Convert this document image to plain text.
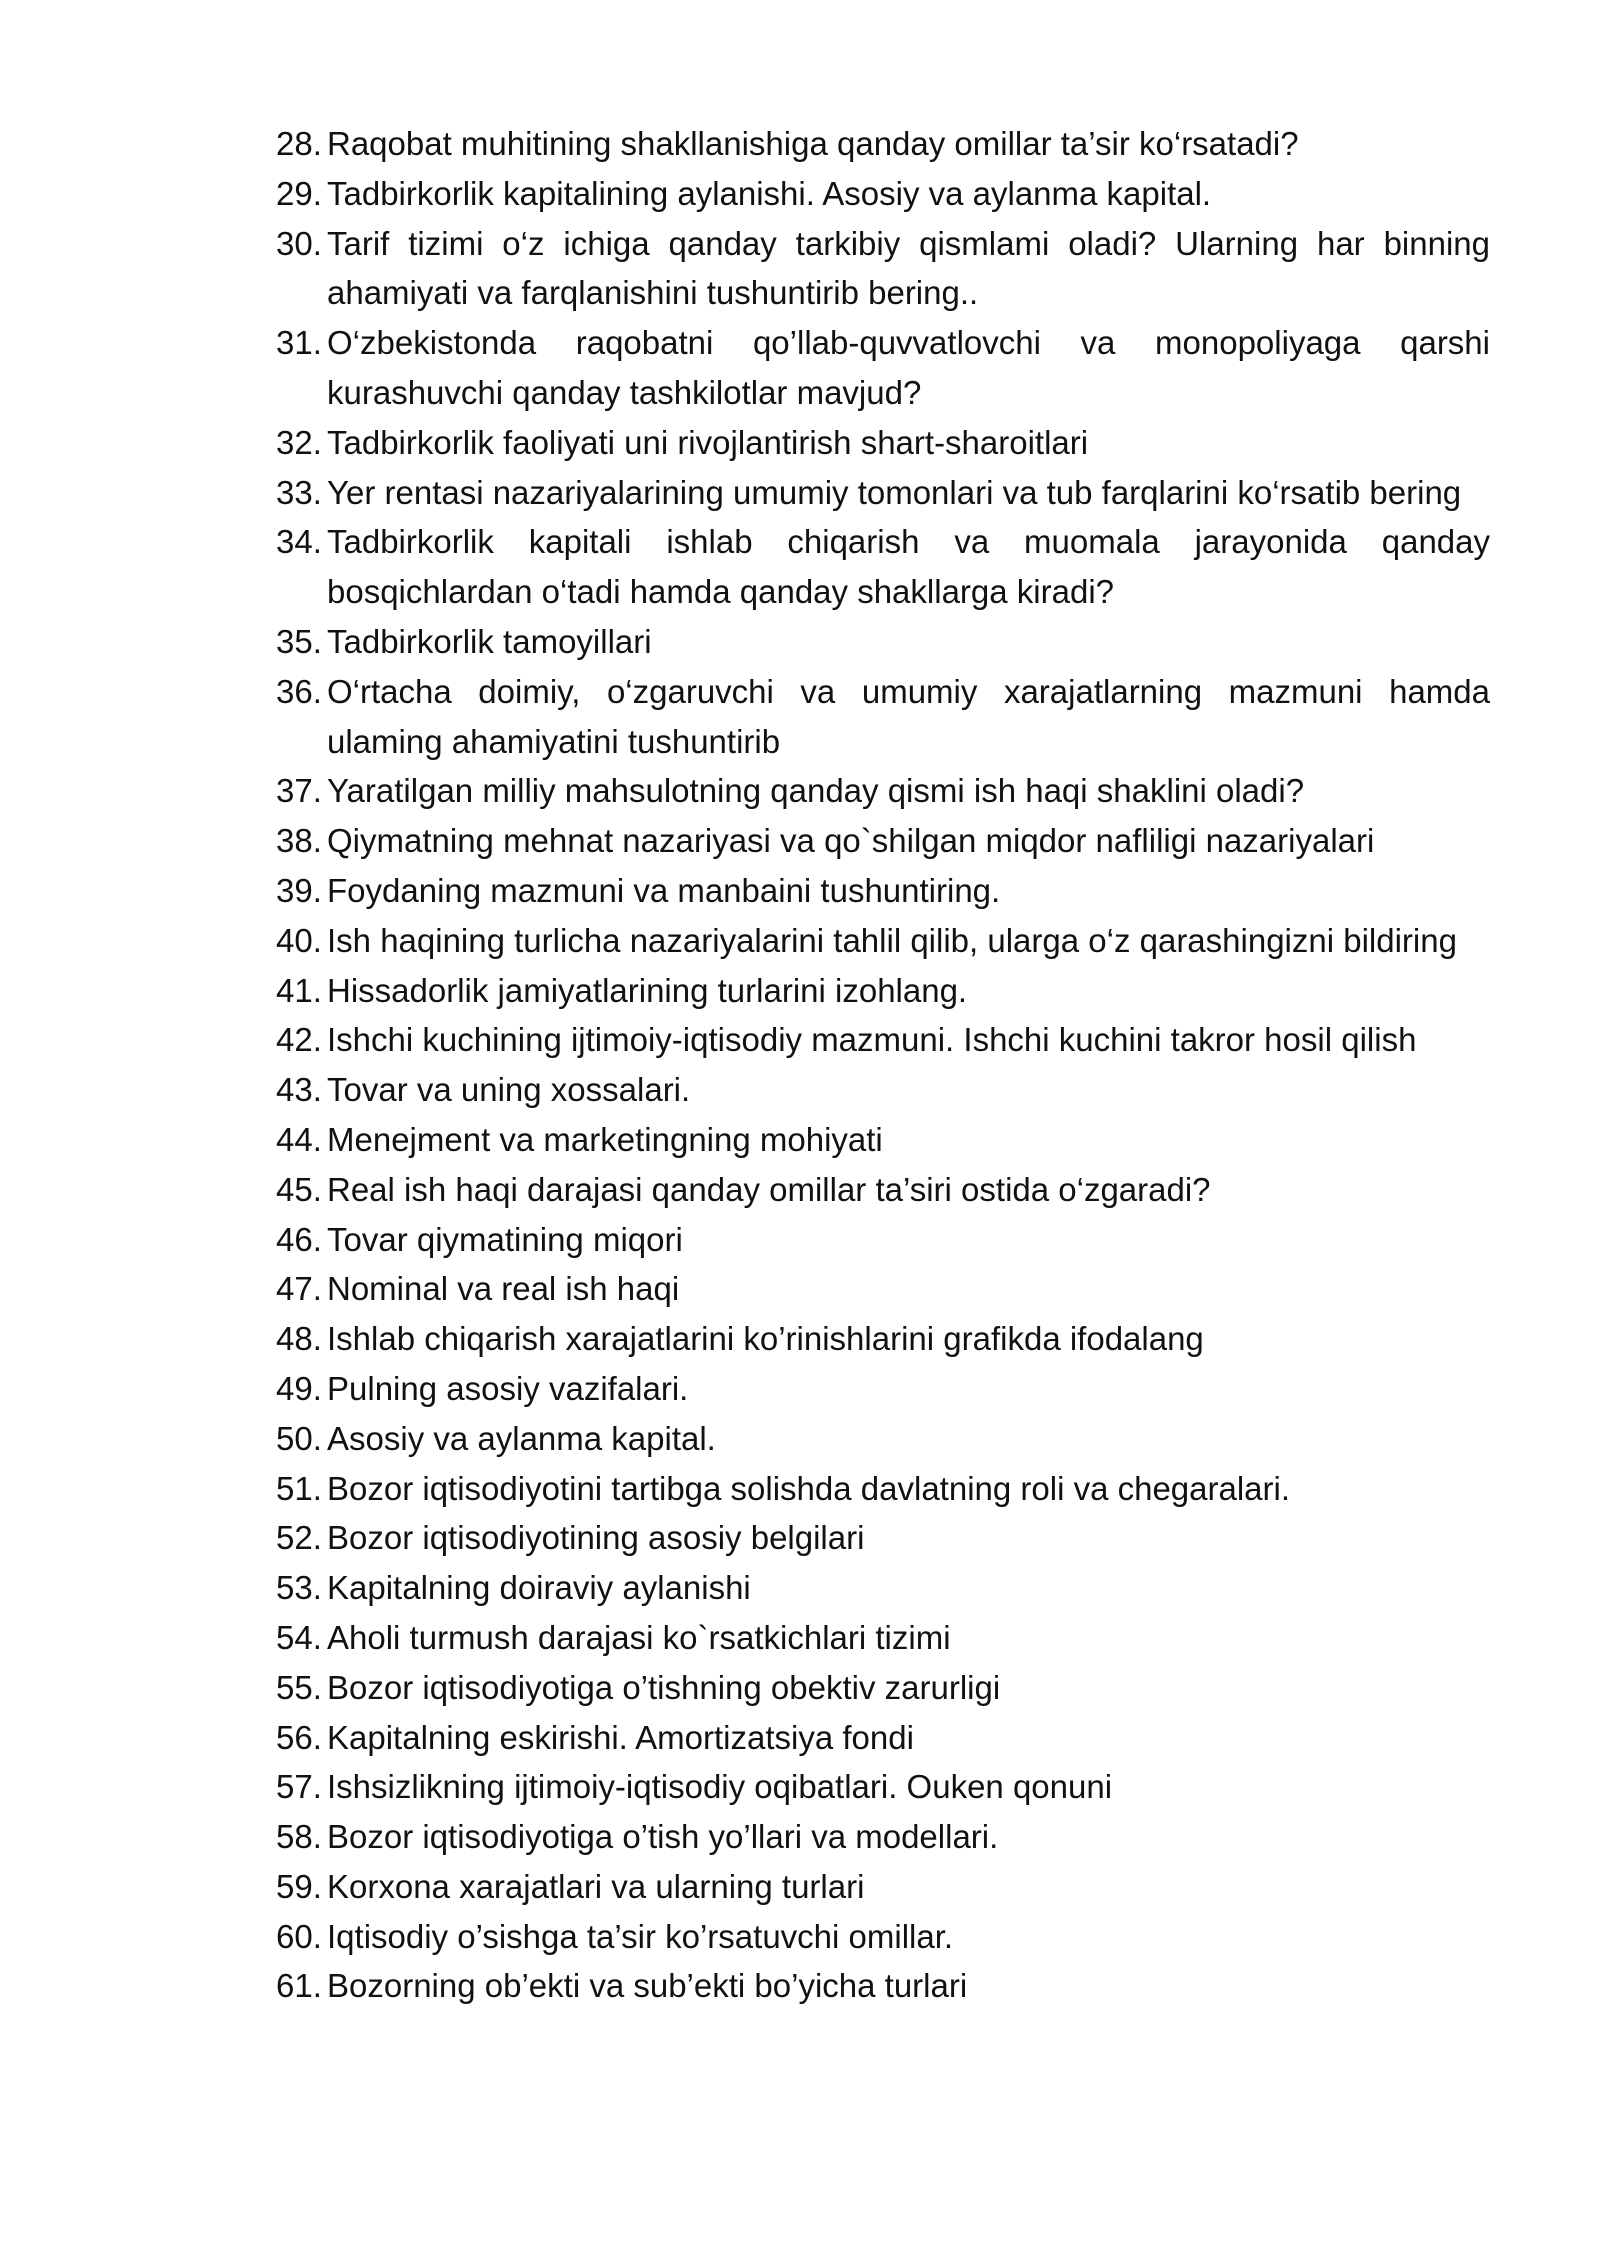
28. Raqobat muhitining shakllanishiga qanday omillar ta’sir ko‘rsatadi?
29. Tadbirkorlik kapitalining aylanishi. Asosiy va aylanma kapital.
30. Tarif tizimi o‘z ichiga qanday tarkibiy qismlami oladi? Ularning har binning ahamiyati va farqlanishini tushuntirib bering..
31. O‘zbekistonda raqobatni qo’llab-quvvatlovchi va monopoliyaga qarshi kurashuvchi qanday tashkilotlar mavjud?
32. Tadbirkorlik faoliyati uni rivojlantirish shart-sharoitlari
33. Yer rentasi nazariyalarining umumiy tomonlari va tub farqlarini ko‘rsatib bering
34. Tadbirkorlik kapitali ishlab chiqarish va muomala jarayonida qanday bosqichlardan o‘tadi hamda qanday shakllarga kiradi?
35. Tadbirkorlik tamoyillari
36. O‘rtacha doimiy, o‘zgaruvchi va umumiy xarajatlarning mazmuni hamda ulaming ahamiyatini tushuntirib
37. Yaratilgan milliy mahsulotning qanday qismi ish haqi shaklini oladi?
38. Qiymatning mehnat nazariyasi va qo`shilgan miqdor nafliligi nazariyalari
39. Foydaning mazmuni va manbaini tushuntiring.
40. Ish haqining turlicha nazariyalarini tahlil qilib, ularga o‘z qarashingizni bildiring
41. Hissadorlik jamiyatlarining turlarini izohlang.
42. Ishchi kuchining ijtimoiy-iqtisodiy mazmuni. Ishchi kuchini takror hosil qilish
43. Tovar va uning xossalari.
44. Menejment va marketingning mohiyati
45. Real ish haqi darajasi qanday omillar ta’siri ostida o‘zgaradi?
46. Tovar qiymatining miqori
47. Nominal va real ish haqi
48. Ishlab chiqarish xarajatlarini ko’rinishlarini grafikda ifodalang
49. Pulning asosiy vazifalari.
50. Asosiy va aylanma kapital.
51. Bozor iqtisodiyotini tartibga solishda davlatning roli va chegaralari.
52. Bozor iqtisodiyotining asosiy belgilari
53. Kapitalning doiraviy aylanishi
54. Aholi turmush darajasi ko`rsatkichlari tizimi
55. Bozor iqtisodiyotiga o’tishning obektiv zarurligi
56. Kapitalning eskirishi. Amortizatsiya fondi
57. Ishsizlikning ijtimoiy-iqtisodiy oqibatlari. Ouken qonuni
58. Bozor iqtisodiyotiga o’tish yo’llari va modellari.
59. Korxona xarajatlari va ularning turlari
60. Iqtisodiy o’sishga ta’sir ko’rsatuvchi omillar.
61. Bozorning ob’ekti va sub’ekti bo’yicha turlari
